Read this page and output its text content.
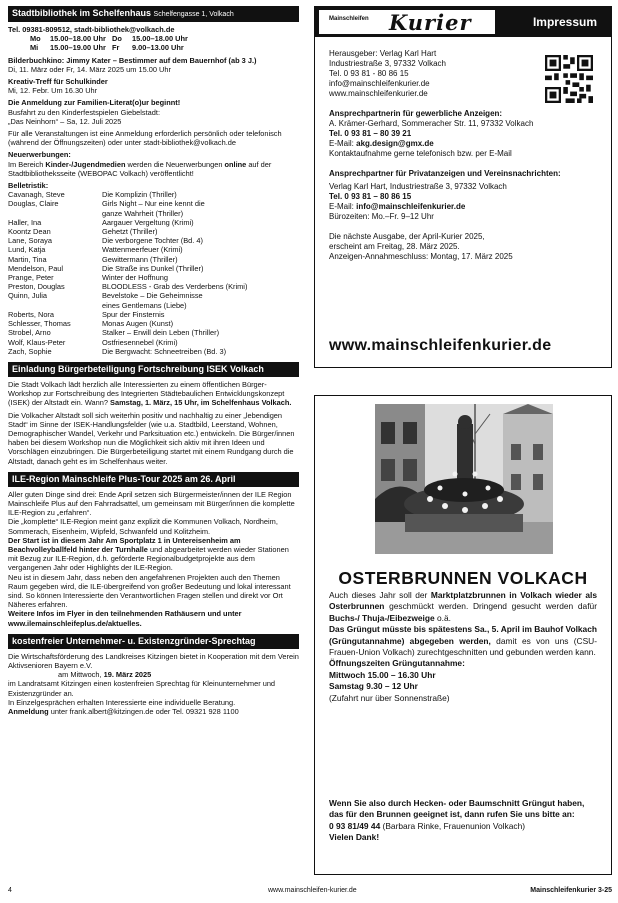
Stadtbibliothek im Schelfenhaus Schelfengasse 1, Volkach
Tel. 09381-809512, stadt-bibliothek@volkach.de
Mo	15.00–18.00 Uhr Do	15.00–18.00 Uhr
Mi	15.00–19.00 Uhr Fr	9.00–13.00 Uhr
Bilderbuchkino: Jimmy Kater – Bestimmer auf dem Bauernhof (ab 3 J.)
Di, 11. März oder Fr, 14. März 2025 um 15.00 Uhr
Kreativ-Treff für Schulkinder
Mi, 12. Febr. Um 16.30 Uhr
Die Anmeldung zur Familien-Literat(o)ur beginnt!
Busfahrt zu den Kinderfestspielen Giebelstadt:
„Das Neinhorn“ – Sa, 12. Juli 2025
Für alle Veranstaltungen ist eine Anmeldung erforderlich persönlich oder telefonisch (während der Öffnungszeiten) oder unter stadt-bibliothek@volkach.de
Neuerwerbungen:
Im Bereich Kinder-/Jugendmedien werden die Neuerwerbungen online auf der Stadtbibliotheksseite (WEBOPAC Volkach) veröffentlicht!
Belletristik:
Cavanagh, Steve	Die Komplizin (Thriller)
Douglas, Claire	Girls Night – Nur eine kennt die
ganze Wahrheit (Thriller)
Haller, Ina	Aargauer Vergeltung (Krimi)
Koontz Dean	Gehetzt (Thriller)
Lane, Soraya	Die verborgene Tochter (Bd. 4)
Lund, Katja	Wattenmeerfeuer (Krimi)
Martin, Tina	Gewittermann (Thriller)
Mendelson, Paul	Die Straße ins Dunkel (Thriller)
Prange, Peter	Winter der Hoffnung
Preston, Douglas	BLOODLESS - Grab des Verderbens (Krimi)
Quinn, Julia	Bevelstoke – Die Geheimnisse
eines Gentlemans (Liebe)
Roberts, Nora	Spur der Finsternis
Schlesser, Thomas	Monas Augen (Kunst)
Strobel, Arno	Stalker – Erwill dein Leben (Thriller)
Wolf, Klaus-Peter	Ostfriesennebel (Krimi)
Zach, Sophie	Die Bergwacht: Schneetreiben (Bd. 3)
Einladung Bürgerbeteiligung Fortschreibung ISEK Volkach
Die Stadt Volkach lädt herzlich alle Interessierten zu einem öffentlichen Bürger-Workshop zur Fortschreibung des Integrierten Städtebaulichen Entwicklungskonzept (ISEK) der Altstadt ein. Wann? Samstag, 1. März, 15 Uhr, im Schelfenhaus Volkach.
Die Volkacher Altstadt soll sich weiterhin positiv und nachhaltig zu einer „lebendigen Stadt“ im Sinne der ISEK-Handlungsfelder (wie u.a. Stadtbild, Leerstand, Wohnen, Demographischer Wandel, Verkehr und Parksituation etc.) entwickeln. Die Bürger/innen haben bei diesem Workshop nun die Möglichkeit sich aktiv mit ihren Ideen und Vorschlägen einzubringen. Die Bürgerbeteiligung startet mit einem Rundgang durch die Altstadt, danach geht es im Schelfenhaus weiter.
ILE-Region Mainschleife Plus-Tour 2025 am 26. April
Aller guten Dinge sind drei: Ende April setzen sich Bürgermeister/innen der ILE Region Mainschleife Plus auf den Fahrradsattel, um gemeinsam mit Bürger/innen die komplette ILE-Region zu „erfahren“.
Die „komplette“ ILE-Region meint ganz explizit die Kommunen Volkach, Nordheim, Sommerach, Eisenheim, Wipfeld, Schwanfeld und Kolitzheim.
Der Start ist in diesem Jahr Am Sportplatz 1 in Untereisenheim am Beachvolleyballfeld hinter der Turnhalle und abgearbeitet werden wieder Stationen mit Bezug zur ILE-Region, d.h. geförderte Regionalbudgetprojekte aus dem vergangenen Jahr oder Highlights der ILE-Region.
Neu ist in diesem Jahr, dass neben den angefahrenen Projekten auch den Themen Raum gegeben wird, die ILE-übergreifend von großer Bedeutung und lokal interessant sind. So können Interessierte den Verantwortlichen Fragen stellen und direkt vor Ort Näheres erfahren.
Weitere Infos im Flyer in den teilnehmenden Rathäusern und unter www.ilemainschleifeplus.de/aktuelles.
kostenfreier Unternehmer- u. Existenzgründer-Sprechtag
Die Wirtschaftsförderung des Landkreises Kitzingen bietet in Kooperation mit dem Verein Aktivsenioren Bayern e.V.
am Mittwoch, 19. März 2025
im Landratsamt Kitzingen einen kostenfreien Sprechtag für Kleinunternehmer und Existenzgründer an.
In Einzelgesprächen erhalten Interessierte eine individuelle Beratung.
Anmeldung unter frank.albert@kitzingen.de oder Tel. 09321 928 1100
Mainschleifen Kurier	Impressum
Herausgeber: Verlag Karl Hart
Industriestraße 3, 97332 Volkach
Tel. 0 93 81 - 80 86 15
info@mainschleifenkurier.de
www.mainschleifenkurier.de
Ansprechpartnerin für gewerbliche Anzeigen:
A. Krämer-Gerhard, Sommeracher Str. 11, 97332 Volkach
Tel. 0 93 81 – 80 39 21
E-Mail: akg.design@gmx.de
Kontaktaufnahme gerne telefonisch bzw. per E-Mail
Ansprechpartner für Privatanzeigen und Vereinsnachrichten:
Verlag Karl Hart, Industriestraße 3, 97332 Volkach
Tel. 0 93 81 – 80 86 15
E-Mail: info@mainschleifenkurier.de
Bürozeiten: Mo.–Fr. 9–12 Uhr
Die nächste Ausgabe, der April-Kurier 2025,
erscheint am Freitag, 28. März 2025.
Anzeigen-Annahmeschluss: Montag, 17. März 2025
www.mainschleifenkurier.de
OSTERBRUNNEN VOLKACH
Auch dieses Jahr soll der Marktplatzbrunnen in Volkach wieder als Osterbrunnen geschmückt werden. Dringend gesucht werden dafür Buchs-/ Thuja-/Eibezweige o.ä.
Das Grüngut müsste bis spätestens Sa., 5. April im Bauhof Volkach (Grüngutannahme) abgegeben werden, damit es von uns (CSU-Frauen-Union Volkach) zurechtgeschnitten und gebunden werden kann.
Öffnungszeiten Grüngutannahme:
Mittwoch 15.00 – 16.30 Uhr
Samstag 9.30 – 12 Uhr
(Zufahrt nur über Sonnenstraße)
Wenn Sie also durch Hecken- oder Baumschnitt Grüngut haben, das für den Brunnen geeignet ist, dann rufen Sie uns bitte an:
0 93 81/49 44 (Barbara Rinke, Frauenunion Volkach)
Vielen Dank!
4	www.mainschleifen-kurier.de	Mainschleifenkurier 3-25
